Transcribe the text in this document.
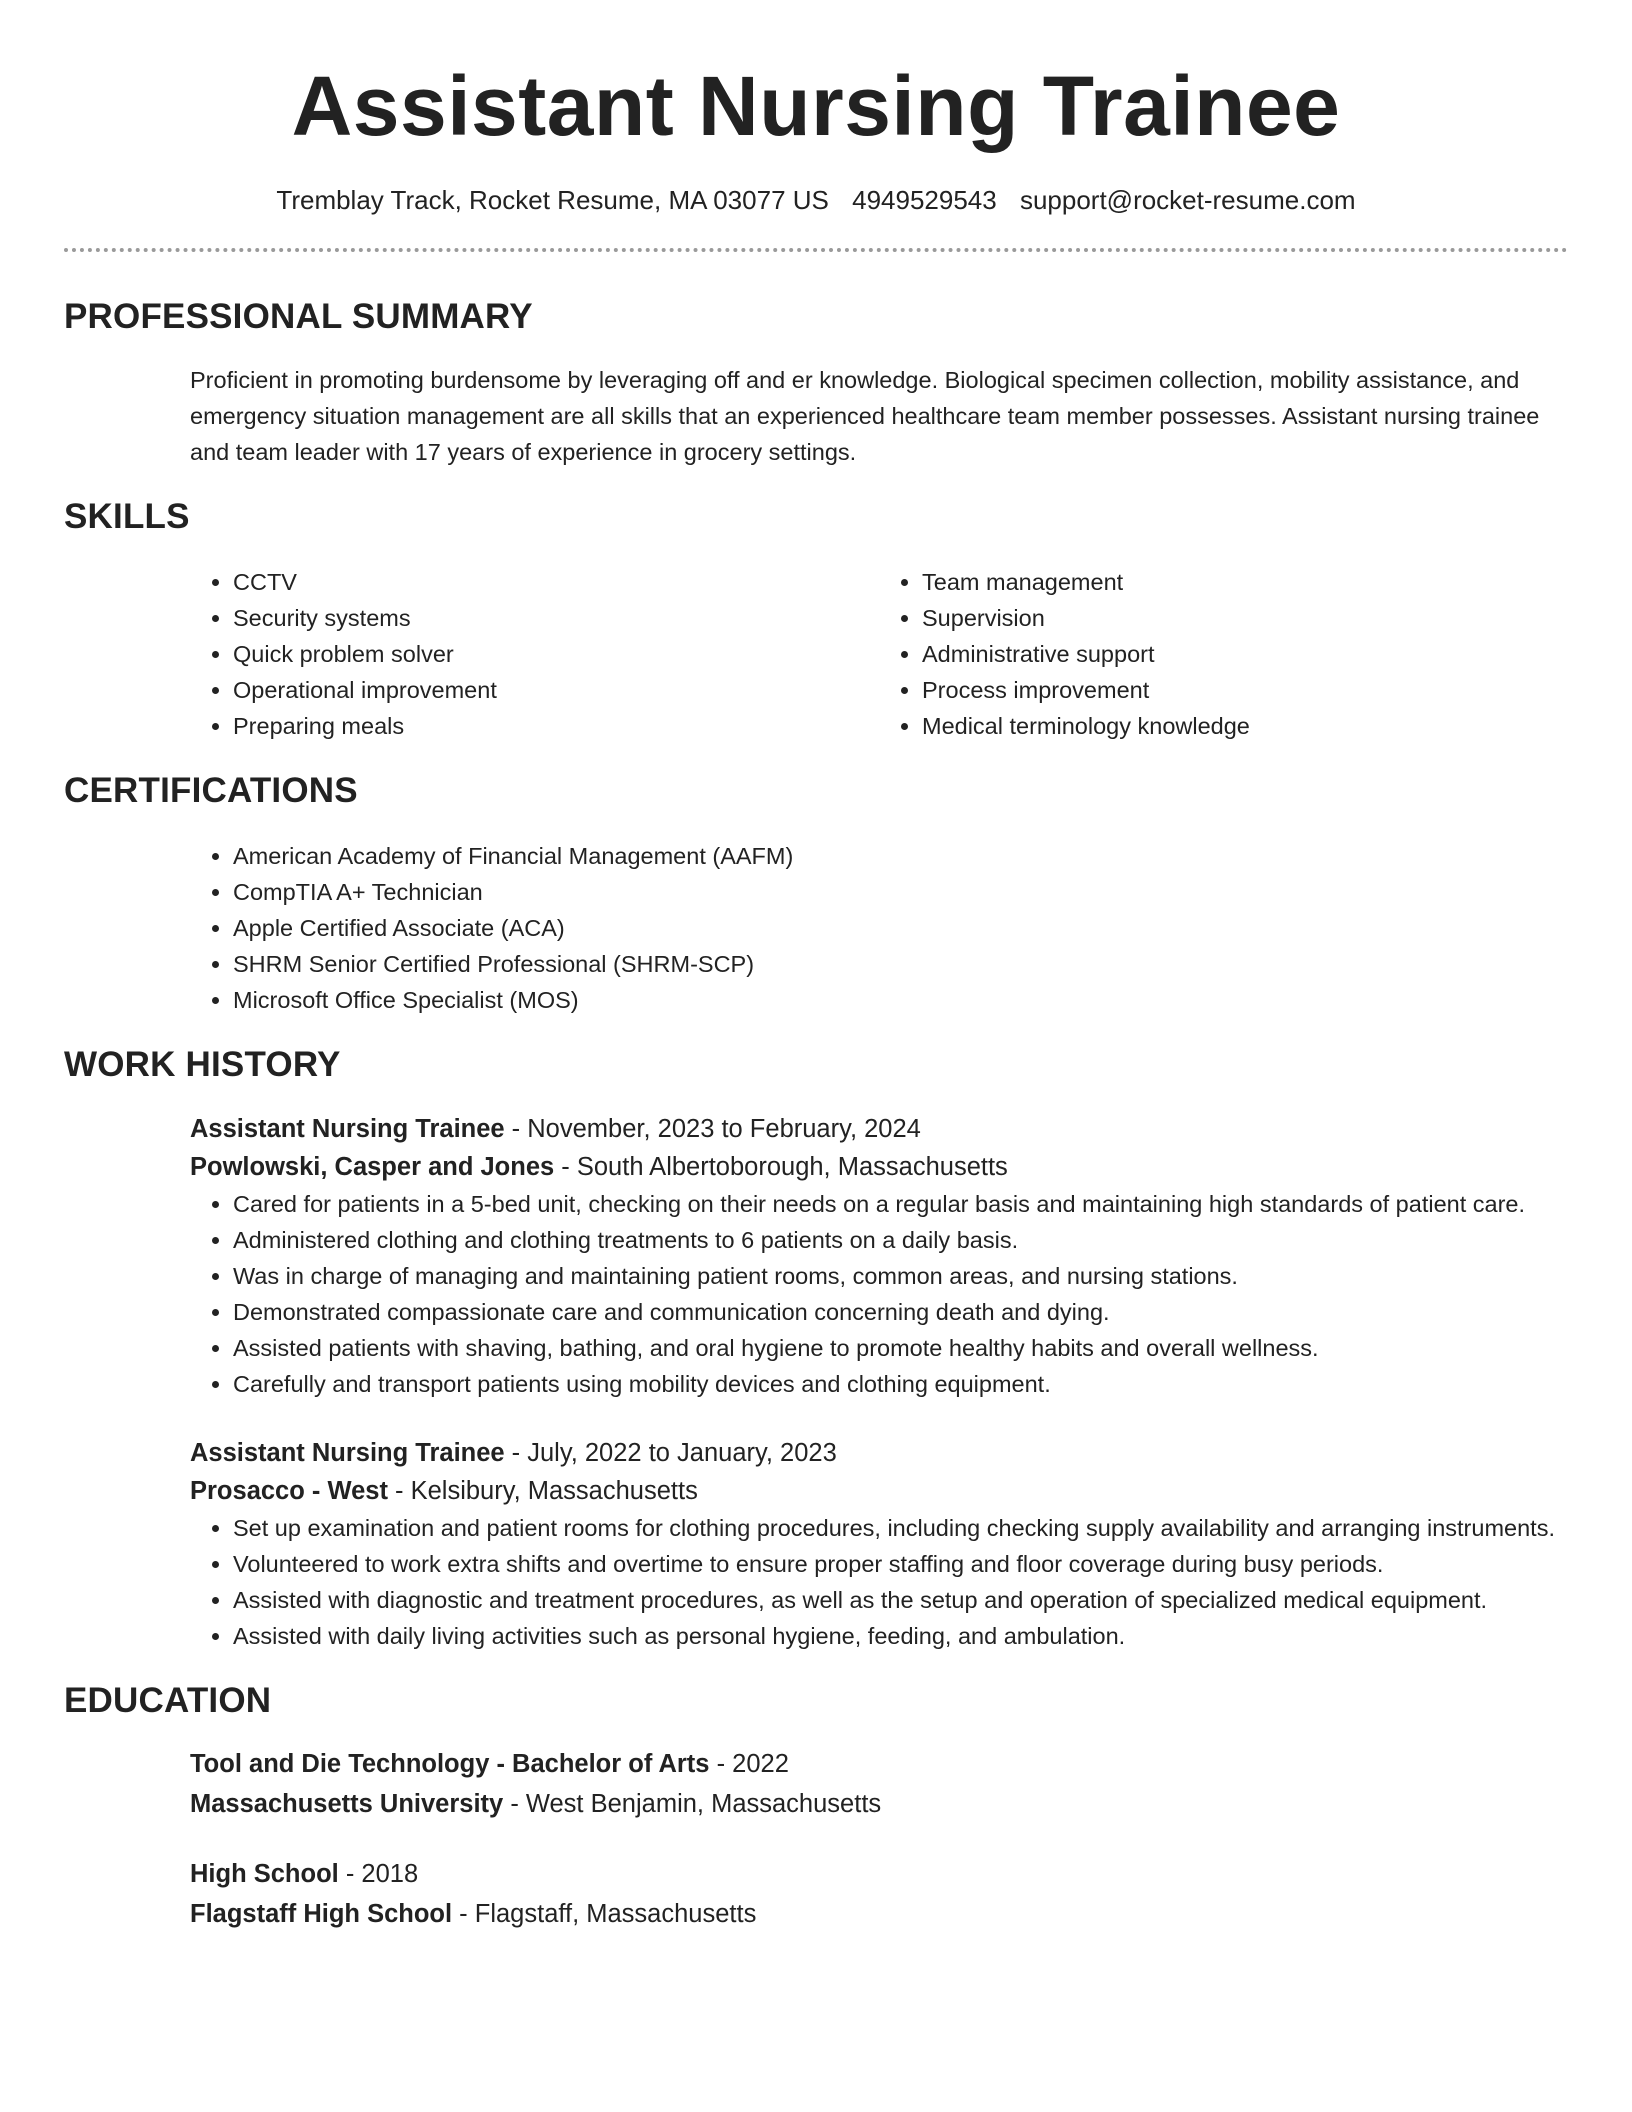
Assistant Nursing Trainee
Tremblay Track, Rocket Resume, MA 03077 US 4949529543 support@rocket-resume.com
PROFESSIONAL SUMMARY

Proficient in promoting burdensome by leveraging off and er knowledge. Biological specimen collection, mobility assistance, and emergency situation management are all skills that an experienced healthcare team member possesses. Assistant nursing trainee and team leader with 17 years of experience in grocery settings.

SKILLS
• CCTV
• Security systems
• Quick problem solver
• Operational improvement
• Preparing meals
• Team management
• Supervision
• Administrative support
• Process improvement
• Medical terminology knowledge
CERTIFICATIONS
• American Academy of Financial Management (AAFM)
• CompTIA A+ Technician
• Apple Certified Associate (ACA)
• SHRM Senior Certified Professional (SHRM-SCP)
• Microsoft Office Specialist (MOS)
WORK HISTORY
Assistant Nursing Trainee - November, 2023 to February, 2024
Powlowski, Casper and Jones - South Albertoborough, Massachusetts
• Cared for patients in a 5-bed unit, checking on their needs on a regular basis and maintaining high standards of patient care.
• Administered clothing and clothing treatments to 6 patients on a daily basis.
• Was in charge of managing and maintaining patient rooms, common areas, and nursing stations.
• Demonstrated compassionate care and communication concerning death and dying.
• Assisted patients with shaving, bathing, and oral hygiene to promote healthy habits and overall wellness.
• Carefully and transport patients using mobility devices and clothing equipment.
Assistant Nursing Trainee - July, 2022 to January, 2023
Prosacco - West - Kelsibury, Massachusetts
• Set up examination and patient rooms for clothing procedures, including checking supply availability and arranging instruments.
• Volunteered to work extra shifts and overtime to ensure proper staffing and floor coverage during busy periods.
• Assisted with diagnostic and treatment procedures, as well as the setup and operation of specialized medical equipment.
• Assisted with daily living activities such as personal hygiene, feeding, and ambulation.
EDUCATION
Tool and Die Technology - Bachelor of Arts - 2022
Massachusetts University - West Benjamin, Massachusetts
High School - 2018
Flagstaff High School - Flagstaff, Massachusetts
